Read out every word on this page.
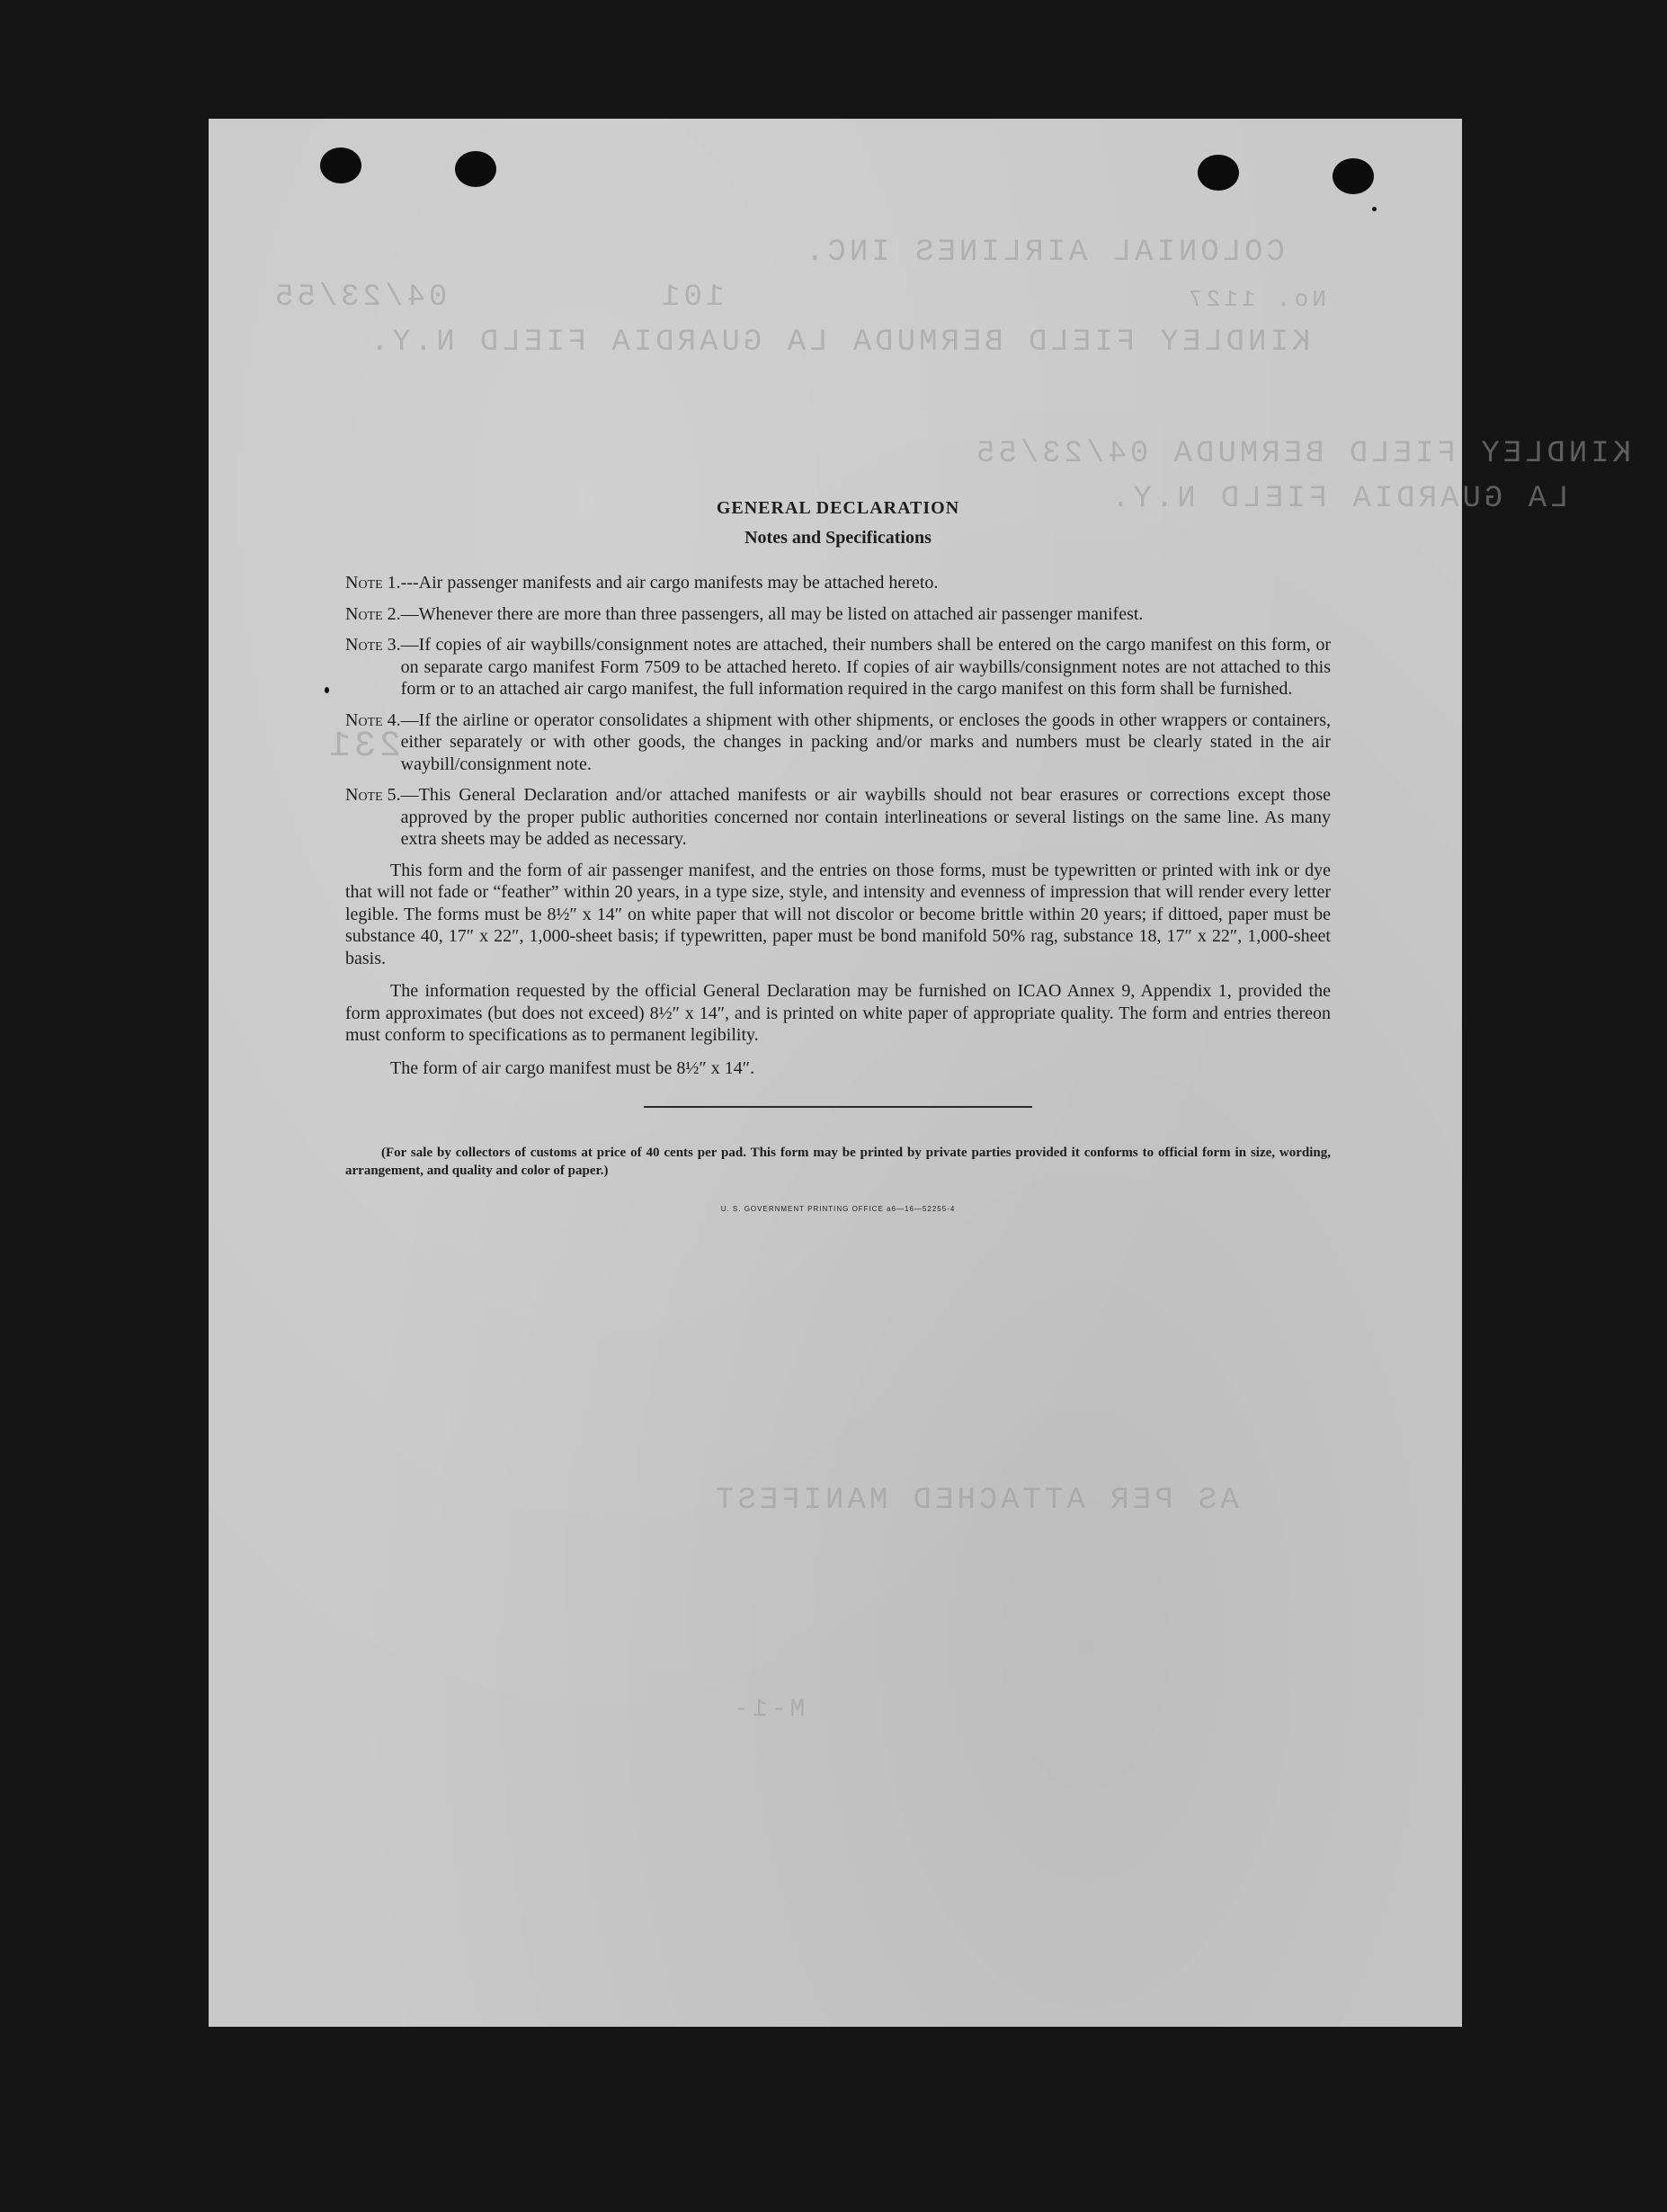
COLONIAL AIRLINES INC.
101
04/23/55	No. 1127
KINDLEY FIELD BERMUDA LA GUARDIA FIELD N.Y.
KINDLEY FIELD BERMUDA 04/23/55
LA GUARDIA FIELD N.Y.
231
AS PER ATTACHED MANIFEST
M-1-
GENERAL DECLARATION
Notes and Specifications
Note 1. ---Air passenger manifests and air cargo manifests may be attached hereto.
Note 2. —Whenever there are more than three passengers, all may be listed on attached air passenger manifest.
Note 3. —If copies of air waybills/consignment notes are attached, their numbers shall be entered on the cargo manifest on this form, or on separate cargo manifest Form 7509 to be attached hereto. If copies of air waybills/consignment notes are not attached to this form or to an attached air cargo manifest, the full information required in the cargo manifest on this form shall be furnished.
Note 4. —If the airline or operator consolidates a shipment with other shipments, or encloses the goods in other wrappers or containers, either separately or with other goods, the changes in packing and/or marks and numbers must be clearly stated in the air waybill/consignment note.
Note 5. —This General Declaration and/or attached manifests or air waybills should not bear erasures or corrections except those approved by the proper public authorities concerned nor contain interlineations or several listings on the same line. As many extra sheets may be added as necessary.

This form and the form of air passenger manifest, and the entries on those forms, must be typewritten or printed with ink or dye that will not fade or “feather” within 20 years, in a type size, style, and intensity and evenness of impression that will render every letter legible. The forms must be 8½″ x 14″ on white paper that will not discolor or become brittle within 20 years; if dittoed, paper must be substance 40, 17″ x 22″, 1,000-sheet basis; if typewritten, paper must be bond manifold 50% rag, substance 18, 17″ x 22″, 1,000-sheet basis.

The information requested by the official General Declaration may be furnished on ICAO Annex 9, Appendix 1, provided the form approximates (but does not exceed) 8½″ x 14″, and is printed on white paper of appropriate quality. The form and entries thereon must conform to specifications as to permanent legibility.

The form of air cargo manifest must be 8½″ x 14″.

(For sale by collectors of customs at price of 40 cents per pad. This form may be printed by private parties provided it conforms to official form in size, wording, arrangement, and quality and color of paper.)

U. S. GOVERNMENT PRINTING OFFICE a6—16—52255-4
